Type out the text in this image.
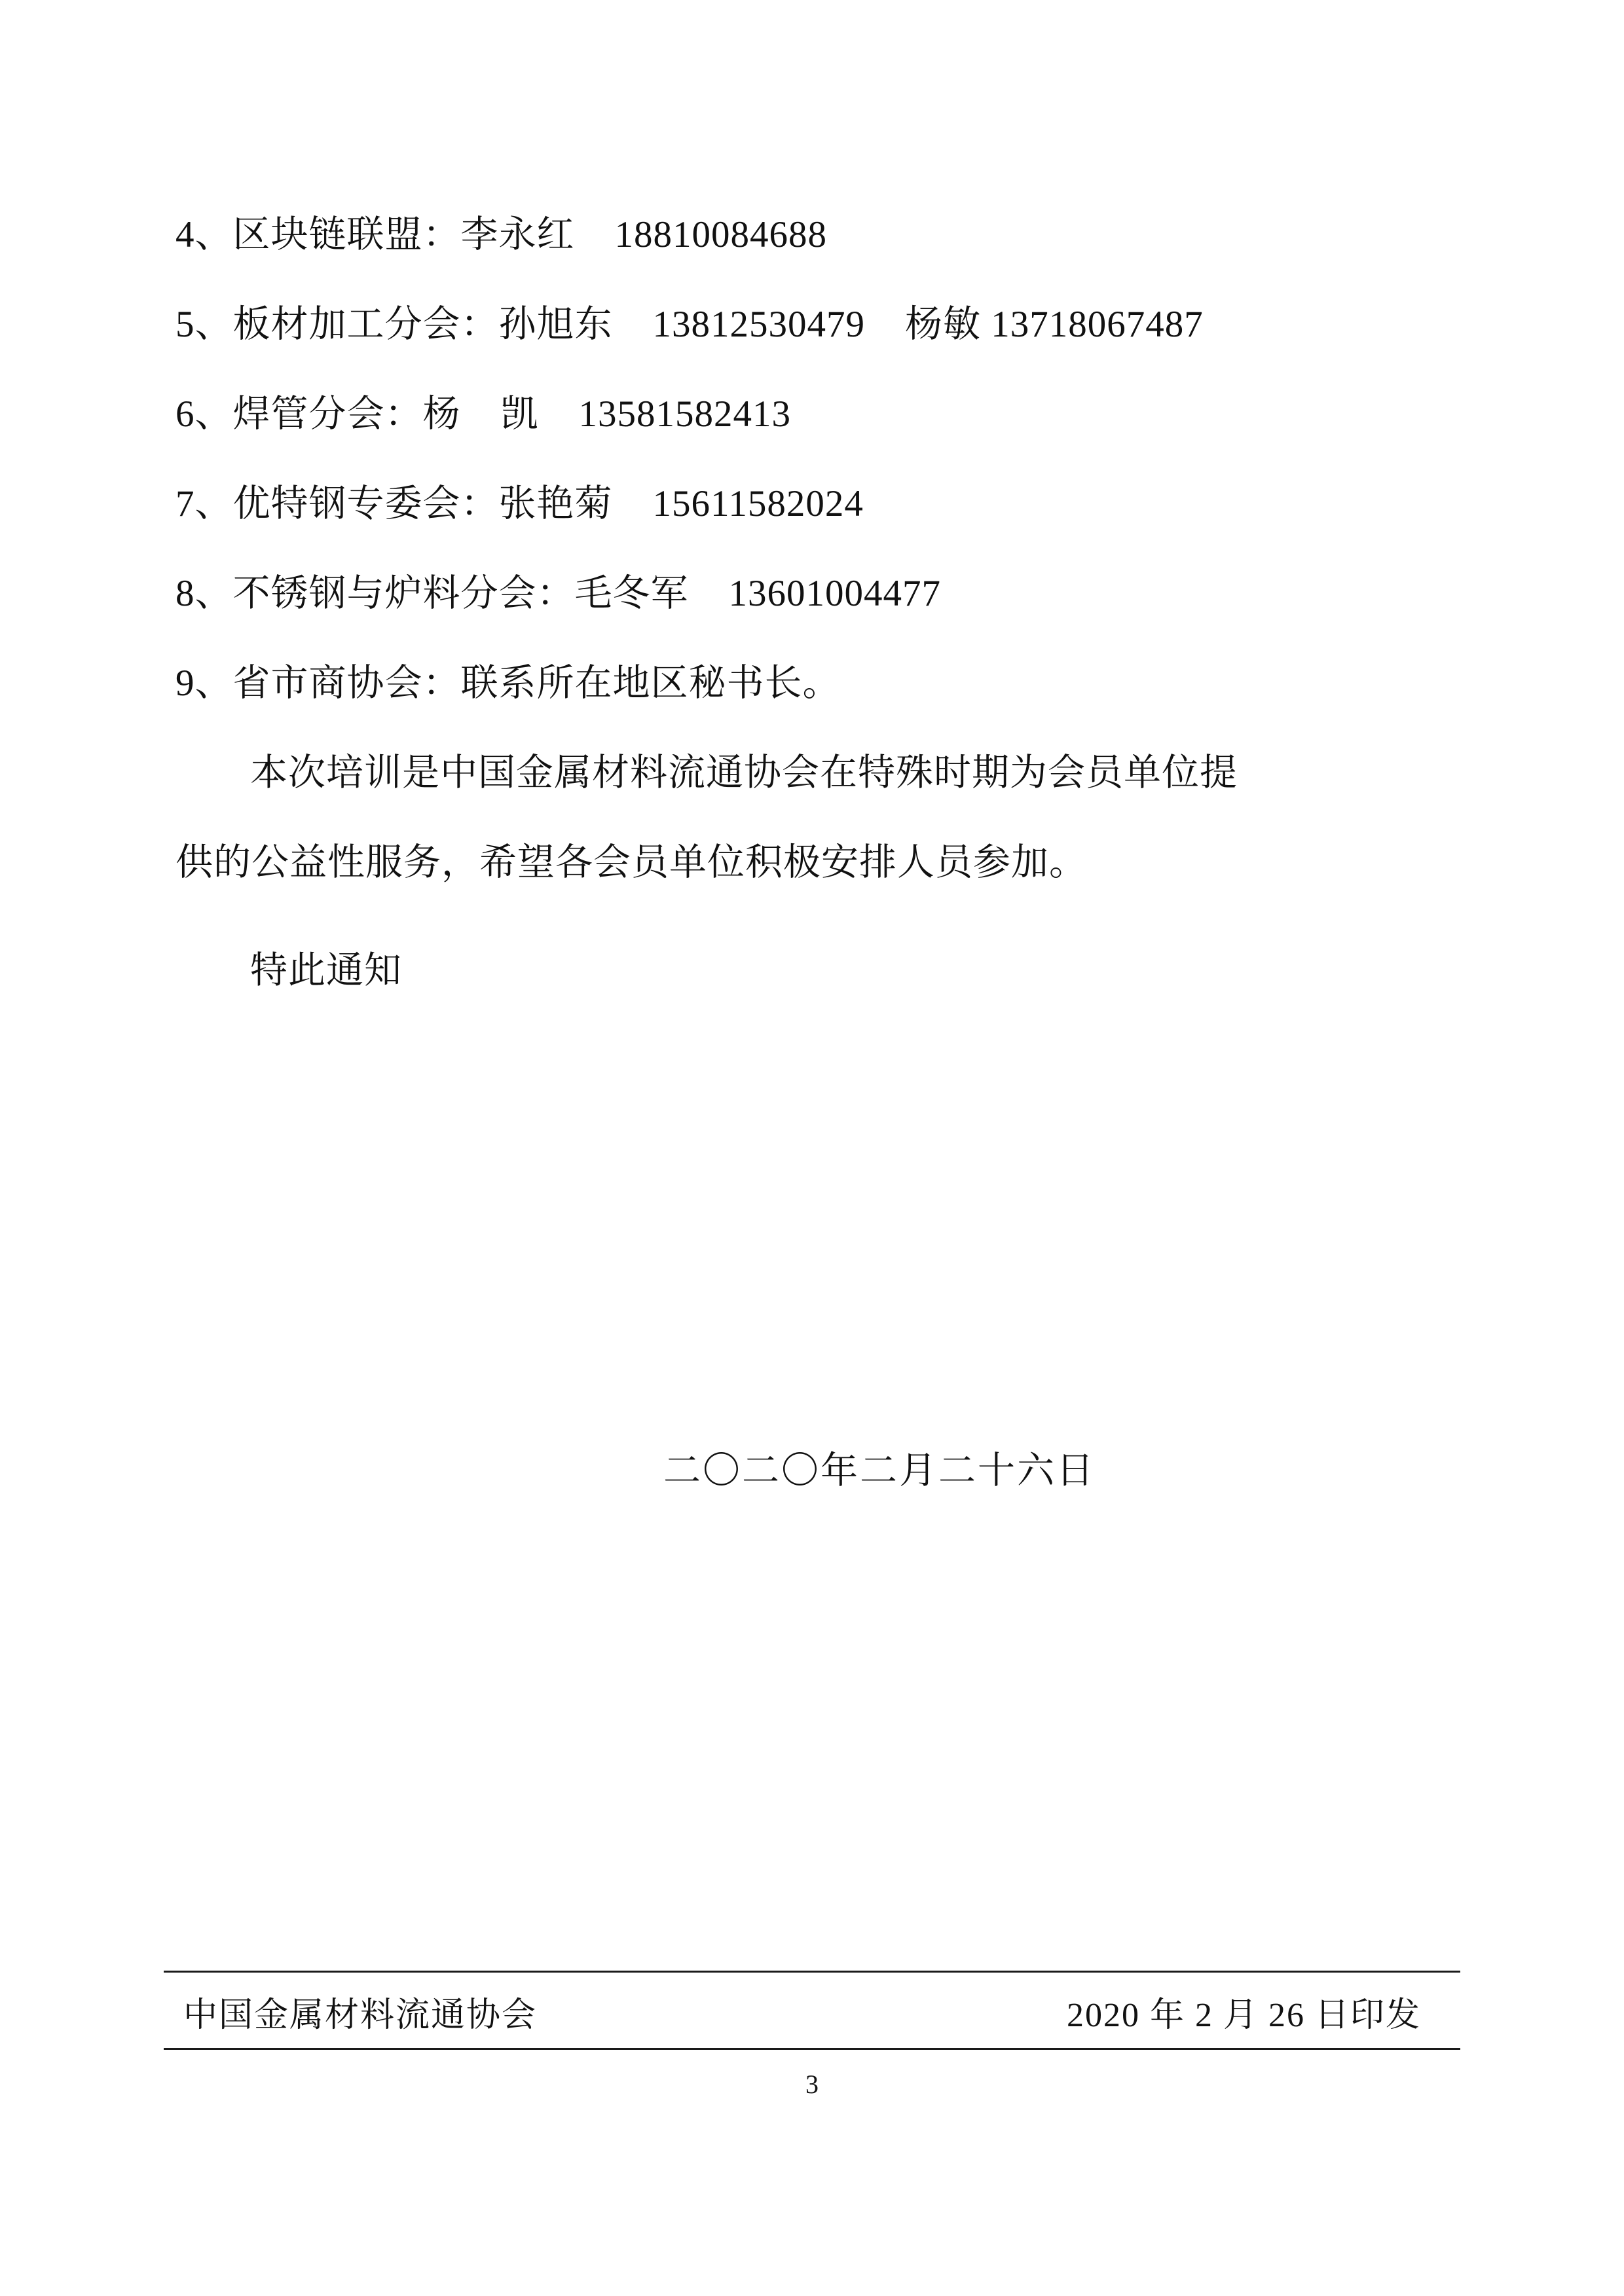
4、区块链联盟：李永红    18810084688
5、板材加工分会：孙旭东    13812530479    杨敏 13718067487
6、焊管分会：杨    凯    13581582413
7、优特钢专委会：张艳菊    15611582024
8、不锈钢与炉料分会：毛冬军    13601004477
9、省市商协会：联系所在地区秘书长。
本次培训是中国金属材料流通协会在特殊时期为会员单位提
供的公益性服务，希望各会员单位积极安排人员参加。
特此通知
二〇二〇年二月二十六日
中国金属材料流通协会	2020 年 2 月 26 日印发
3
